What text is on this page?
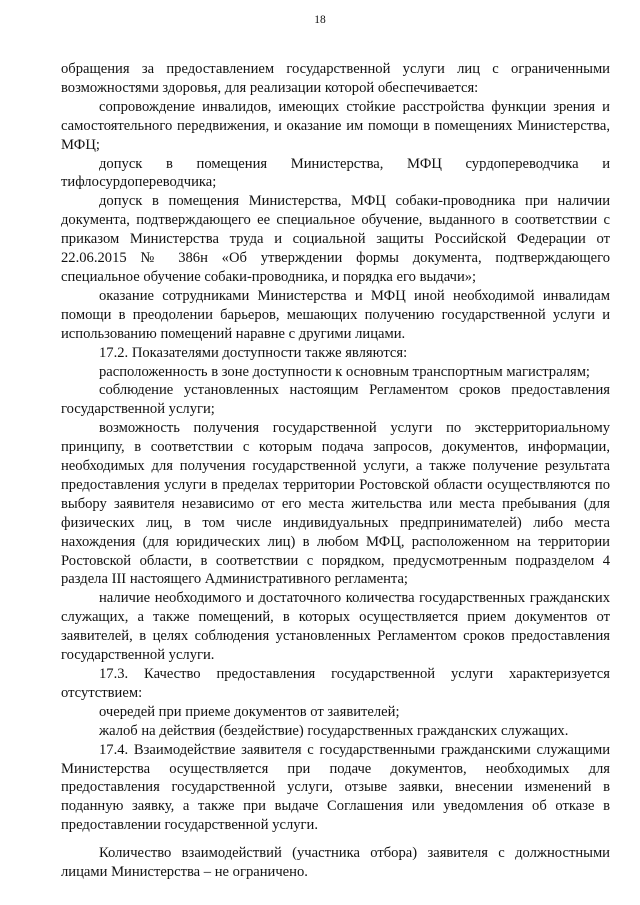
18

обращения за предоставлением государственной услуги лиц с ограниченными возможностями здоровья, для реализации которой обеспечивается:

сопровождение инвалидов, имеющих стойкие расстройства функции зрения и самостоятельного передвижения, и оказание им помощи в помещениях Министерства, МФЦ;

допуск в помещения Министерства, МФЦ сурдопереводчика и тифлосурдопереводчика;

допуск в помещения Министерства, МФЦ собаки-проводника при наличии документа, подтверждающего ее специальное обучение, выданного в соответствии с приказом Министерства труда и социальной защиты Российской Федерации от 22.06.2015 № 386н «Об утверждении формы документа, подтверждающего специальное обучение собаки-проводника, и порядка его выдачи»;

оказание сотрудниками Министерства и МФЦ иной необходимой инвалидам помощи в преодолении барьеров, мешающих получению государственной услуги и использованию помещений наравне с другими лицами.

17.2. Показателями доступности также являются:

расположенность в зоне доступности к основным транспортным магистралям;

соблюдение установленных настоящим Регламентом сроков предоставления государственной услуги;

возможность получения государственной услуги по экстерриториальному принципу, в соответствии с которым подача запросов, документов, информации, необходимых для получения государственной услуги, а также получение результата предоставления услуги в пределах территории Ростовской области осуществляются по выбору заявителя независимо от его места жительства или места пребывания (для физических лиц, в том числе индивидуальных предпринимателей) либо места нахождения (для юридических лиц) в любом МФЦ, расположенном на территории Ростовской области, в соответствии с порядком, предусмотренным подразделом 4 раздела III настоящего Административного регламента;

наличие необходимого и достаточного количества государственных гражданских служащих, а также помещений, в которых осуществляется прием документов от заявителей, в целях соблюдения установленных Регламентом сроков предоставления государственной услуги.

17.3. Качество предоставления государственной услуги характеризуется отсутствием:

очередей при приеме документов от заявителей;

жалоб на действия (бездействие) государственных гражданских служащих.

17.4. Взаимодействие заявителя с государственными гражданскими служащими Министерства осуществляется при подаче документов, необходимых для предоставления государственной услуги, отзыве заявки, внесении изменений в поданную заявку, а также при выдаче Соглашения или уведомления об отказе в предоставлении государственной услуги.

Количество взаимодействий (участника отбора) заявителя с должностными лицами Министерства – не ограничено.
